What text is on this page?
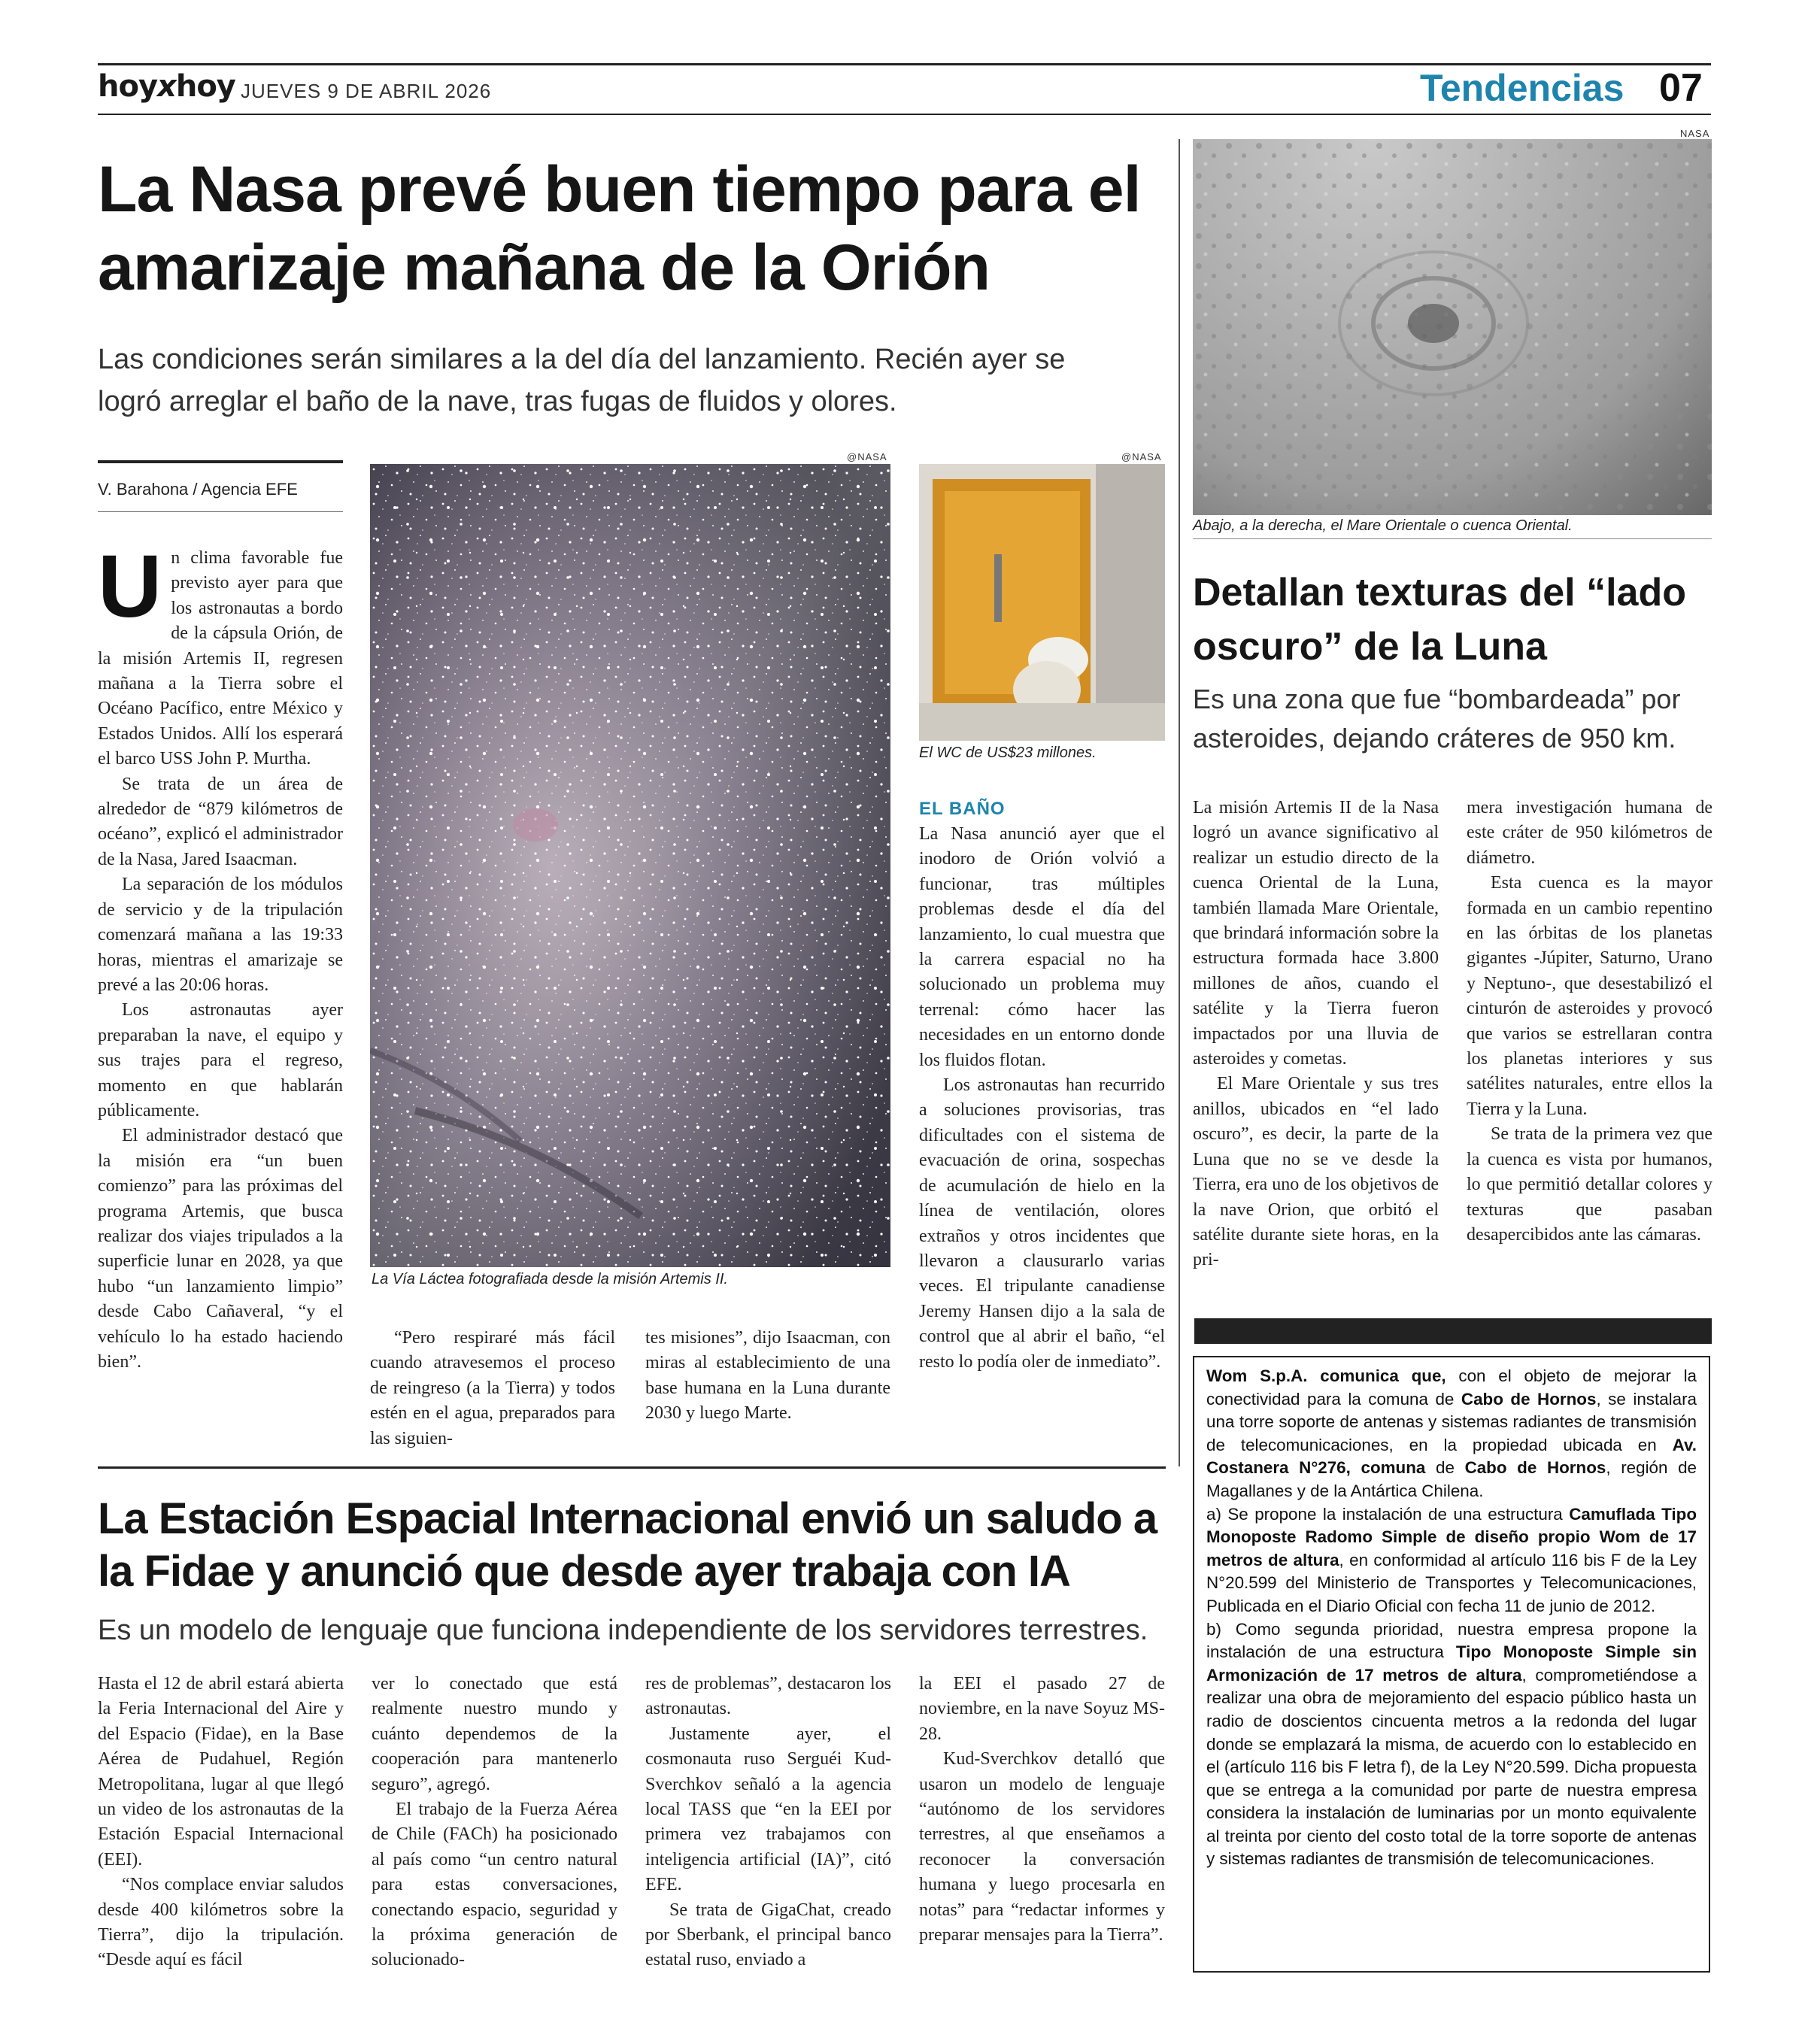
hoyxhoy JUEVES 9 DE ABRIL 2026	Tendencias 07
La Nasa prevé buen tiempo para el amarizaje mañana de la Orión

Las condiciones serán similares a la del día del lanzamiento. Recién ayer se logró arreglar el baño de la nave, tras fugas de fluidos y olores.

V. Barahona / Agencia EFE
U n clima favorable fue previsto ayer para que los astronautas a bordo de la cápsula Orión, de la misión Artemis II, regresen mañana a la Tierra sobre el Océano Pacífico, entre México y Estados Unidos. Allí los esperará el barco USS John P. Murtha.

Se trata de un área de alrededor de “879 kilómetros de océano”, explicó el administrador de la Nasa, Jared Isaacman.

La separación de los módulos de servicio y de la tripulación comenzará mañana a las 19:33 horas, mientras el amarizaje se prevé a las 20:06 horas.

Los astronautas ayer preparaban la nave, el equipo y sus trajes para el regreso, momento en que hablarán públicamente.

El administrador destacó que la misión era “un buen comienzo” para las próximas del programa Artemis, que busca realizar dos viajes tripulados a la superficie lunar en 2028, ya que hubo “un lanzamiento limpio” desde Cabo Cañaveral, “y el vehículo lo ha estado haciendo bien”.

@NASA
La Vía Láctea fotografiada desde la misión Artemis II.

“Pero respiraré más fácil cuando atravesemos el proceso de reingreso (a la Tierra) y todos estén en el agua, preparados para las siguien-

tes misiones”, dijo Isaacman, con miras al establecimiento de una base humana en la Luna durante 2030 y luego Marte.

@NASA
El WC de US$23 millones.
EL BAÑO

La Nasa anunció ayer que el inodoro de Orión volvió a funcionar, tras múltiples problemas desde el día del lanzamiento, lo cual muestra que la carrera espacial no ha solucionado un problema muy terrenal: cómo hacer las necesidades en un entorno donde los fluidos flotan.

Los astronautas han recurrido a soluciones provisorias, tras dificultades con el sistema de evacuación de orina, sospechas de acumulación de hielo en la línea de ventilación, olores extraños y otros incidentes que llevaron a clausurarlo varias veces. El tripulante canadiense Jeremy Hansen dijo a la sala de control que al abrir el baño, “el resto lo podía oler de inmediato”.

NASA
Abajo, a la derecha, el Mare Orientale o cuenca Oriental.
Detallan texturas del “lado oscuro” de la Luna

Es una zona que fue “bombardeada” por asteroides, dejando cráteres de 950 km.

La misión Artemis II de la Nasa logró un avance significativo al realizar un estudio directo de la cuenca Oriental de la Luna, también llamada Mare Orientale, que brindará información sobre la estructura formada hace 3.800 millones de años, cuando el satélite y la Tierra fueron impactados por una lluvia de asteroides y cometas.

El Mare Orientale y sus tres anillos, ubicados en “el lado oscuro”, es decir, la parte de la Luna que no se ve desde la Tierra, era uno de los objetivos de la nave Orion, que orbitó el satélite durante siete horas, en la pri-

mera investigación humana de este cráter de 950 kilómetros de diámetro.

Esta cuenca es la mayor formada en un cambio repentino en las órbitas de los planetas gigantes -Júpiter, Saturno, Urano y Neptuno-, que desestabilizó el cinturón de asteroides y provocó que varios se estrellaran contra los planetas interiores y sus satélites naturales, entre ellos la Tierra y la Luna.

Se trata de la primera vez que la cuenca es vista por humanos, lo que permitió detallar colores y texturas que pasaban desapercibidos ante las cámaras.

La Estación Espacial Internacional envió un saludo a la Fidae y anunció que desde ayer trabaja con IA

Es un modelo de lenguaje que funciona independiente de los servidores terrestres.

Hasta el 12 de abril estará abierta la Feria Internacional del Aire y del Espacio (Fidae), en la Base Aérea de Pudahuel, Región Metropolitana, lugar al que llegó un video de los astronautas de la Estación Espacial Internacional (EEI).

“Nos complace enviar saludos desde 400 kilómetros sobre la Tierra”, dijo la tripulación. “Desde aquí es fácil

ver lo conectado que está realmente nuestro mundo y cuánto dependemos de la cooperación para mantenerlo seguro”, agregó.

El trabajo de la Fuerza Aérea de Chile (FACh) ha posicionado al país como “un centro natural para estas conversaciones, conectando espacio, seguridad y la próxima generación de solucionado-

res de problemas”, destacaron los astronautas.

Justamente ayer, el cosmonauta ruso Serguéi Kud-Sverchkov señaló a la agencia local TASS que “en la EEI por primera vez trabajamos con inteligencia artificial (IA)”, citó EFE.

Se trata de GigaChat, creado por Sberbank, el principal banco estatal ruso, enviado a

la EEI el pasado 27 de noviembre, en la nave Soyuz MS-28.

Kud-Sverchkov detalló que usaron un modelo de lenguaje “autónomo de los servidores terrestres, al que enseñamos a reconocer la conversación humana y luego procesarla en notas” para “redactar informes y preparar mensajes para la Tierra”.

Wom S.p.A. comunica que, con el objeto de mejorar la conectividad para la comuna de Cabo de Hornos, se instalara una torre soporte de antenas y sistemas radiantes de transmisión de telecomunicaciones, en la propiedad ubicada en Av. Costanera N°276, comuna de Cabo de Hornos, región de Magallanes y de la Antártica Chilena.

a) Se propone la instalación de una estructura Camuflada Tipo Monoposte Radomo Simple de diseño propio Wom de 17 metros de altura, en conformidad al artículo 116 bis F de la Ley N°20.599 del Ministerio de Transportes y Telecomunicaciones, Publicada en el Diario Oficial con fecha 11 de junio de 2012.

b) Como segunda prioridad, nuestra empresa propone la instalación de una estructura Tipo Monoposte Simple sin Armonización de 17 metros de altura, comprometiéndose a realizar una obra de mejoramiento del espacio público hasta un radio de doscientos cincuenta metros a la redonda del lugar donde se emplazará la misma, de acuerdo con lo establecido en el (artículo 116 bis F letra f), de la Ley N°20.599. Dicha propuesta que se entrega a la comunidad por parte de nuestra empresa considera la instalación de luminarias por un monto equivalente al treinta por ciento del costo total de la torre soporte de antenas y sistemas radiantes de transmisión de telecomunicaciones.
